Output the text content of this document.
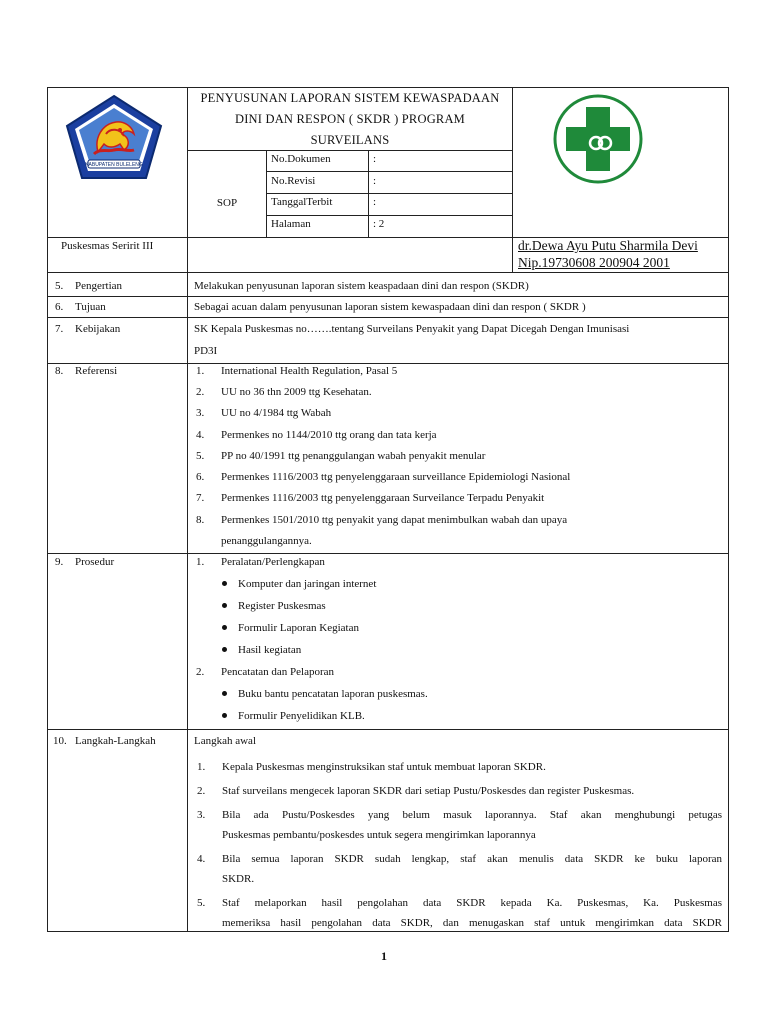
KABUPATEN BULELENG
PENYUSUNAN LAPORAN SISTEM KEWASPADAAN
DINI DAN RESPON ( SKDR ) PROGRAM
SURVEILANS
SOP
No.Dokumen	:
No.Revisi	:
TanggalTerbit	:
Halaman	: 2
Puskesmas Seririt III	dr.Dewa Ayu Putu Sharmila Devi
Nip.19730608 200904 2001
5. Pengertian	Melakukan penyusunan laporan sistem keaspadaan dini dan respon (SKDR)
6. Tujuan	Sebagai acuan dalam penyusunan laporan sistem kewaspadaan dini dan respon ( SKDR )
7. Kebijakan	SK Kepala Puskesmas no…….tentang Surveilans Penyakit yang Dapat Dicegah Dengan Imunisasi
PD3I
8. Referensi	1. International Health Regulation, Pasal 5
2. UU no 36 thn 2009 ttg Kesehatan.
3. UU no 4/1984 ttg Wabah
4. Permenkes no 1144/2010 ttg orang dan tata kerja
5. PP no 40/1991 ttg penanggulangan wabah penyakit menular
6. Permenkes 1116/2003 ttg penyelenggaraan surveillance Epidemiologi Nasional
7. Permenkes 1116/2003 ttg penyelenggaraan Surveilance Terpadu Penyakit
8. Permenkes 1501/2010 ttg penyakit yang dapat menimbulkan wabah dan upaya
penanggulangannya.
9. Prosedur	1. Peralatan/Perlengkapan
Komputer dan jaringan internet
Register Puskesmas
Formulir Laporan Kegiatan
Hasil kegiatan
2. Pencatatan dan Pelaporan
Buku bantu pencatatan laporan puskesmas.
Formulir Penyelidikan KLB.
10. Langkah-Langkah	Langkah awal
1. Kepala Puskesmas menginstruksikan staf untuk membuat laporan SKDR.
2. Staf surveilans mengecek laporan SKDR dari setiap Pustu/Poskesdes dan register Puskesmas.
3. Bila ada Pustu/Poskesdes yang belum masuk laporannya. Staf akan menghubungi petugas
Puskesmas pembantu/poskesdes untuk segera mengirimkan laporannya
4. Bila semua laporan SKDR sudah lengkap, staf akan menulis data SKDR ke buku laporan
SKDR.
5. Staf melaporkan hasil pengolahan data SKDR kepada Ka. Puskesmas, Ka. Puskesmas
memeriksa hasil pengolahan data SKDR, dan menugaskan staf untuk mengirimkan data SKDR
1
